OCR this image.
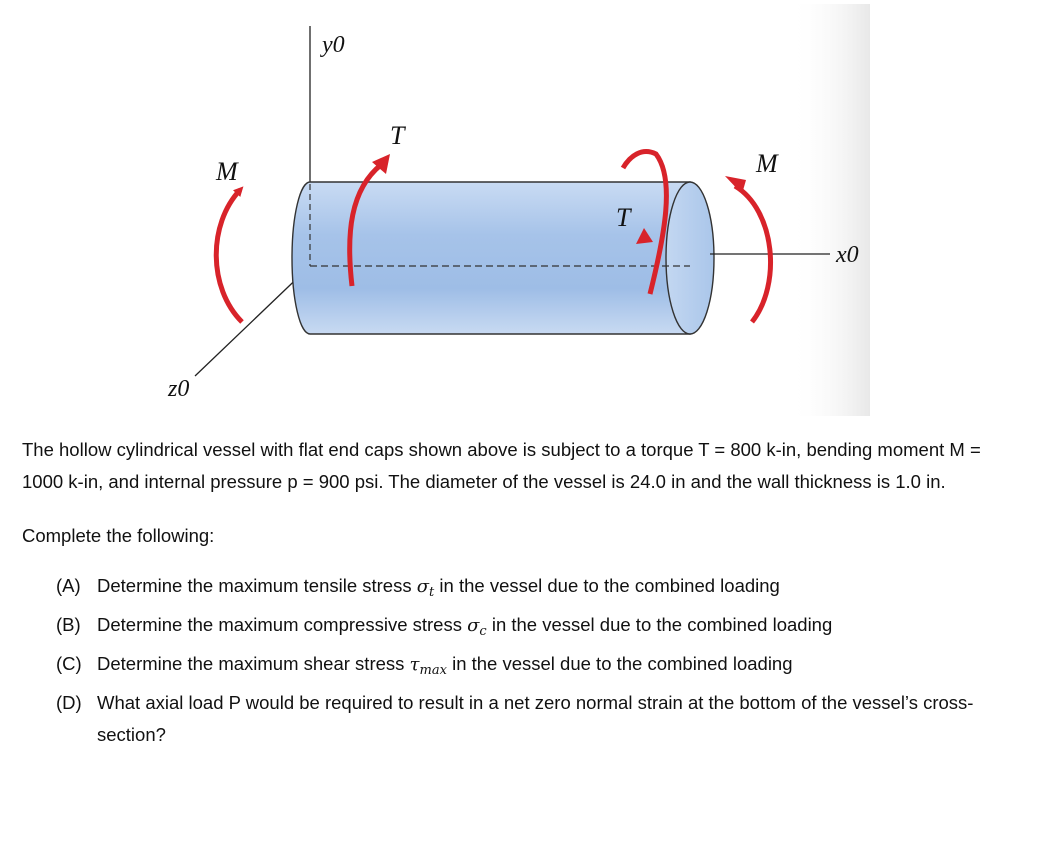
y0
x0
z0
T
T
M	M

The hollow cylindrical vessel with flat end caps shown above is subject to a torque T = 800 k-in, bending moment M = 1000 k-in, and internal pressure p = 900 psi. The diameter of the vessel is 24.0 in and the wall thickness is 1.0 in.

Complete the following:

(A) Determine the maximum tensile stress $\sigma_t$ in the vessel due to the combined loading
(B) Determine the maximum compressive stress $\sigma_c$ in the vessel due to the combined loading
(C) Determine the maximum shear stress $\tau_{max}$ in the vessel due to the combined loading
(D) What axial load P would be required to result in a net zero normal strain at the bottom of the vessel’s cross-section?
